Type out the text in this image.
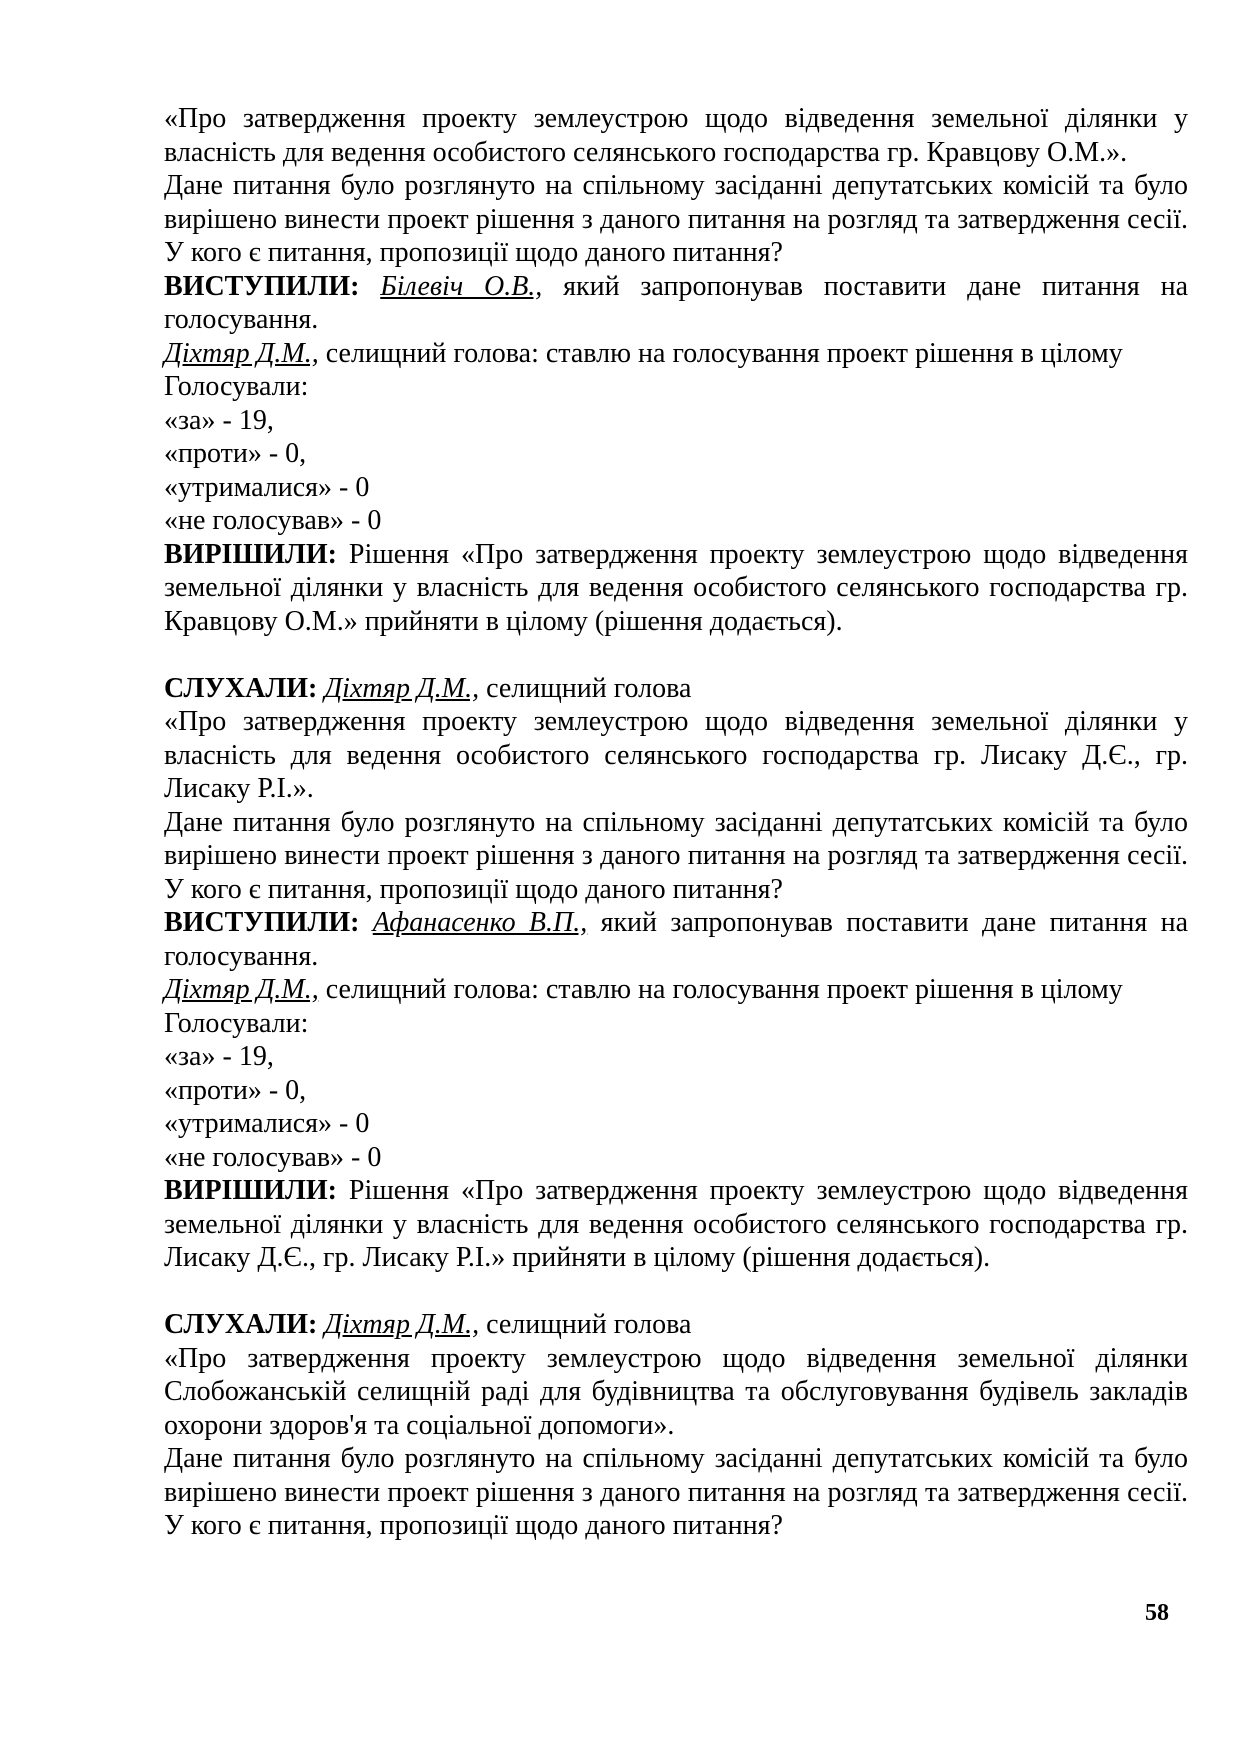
«Про затвердження проекту землеустрою щодо відведення земельної ділянки у власність для ведення особистого селянського господарства гр. Кравцову О.М.».

Дане питання було розглянуто на спільному засіданні депутатських комісій та було вирішено винести проект рішення з даного питання на розгляд та затвердження сесії. У кого є питання, пропозиції щодо даного питання?

ВИСТУПИЛИ: Білевіч О.В., який запропонував поставити дане питання на голосування.

Діхтяр Д.М., селищний голова: ставлю на голосування проект рішення в цілому

Голосували:

«за» - 19,

«проти» - 0,

«утрималися» - 0

«не голосував» - 0

ВИРІШИЛИ: Рішення «Про затвердження проекту землеустрою щодо відведення земельної ділянки у власність для ведення особистого селянського господарства гр. Кравцову О.М.» прийняти в цілому (рішення додається).

СЛУХАЛИ: Діхтяр Д.М., селищний голова

«Про затвердження проекту землеустрою щодо відведення земельної ділянки у власність для ведення особистого селянського господарства гр. Лисаку Д.Є., гр. Лисаку Р.І.».

Дане питання було розглянуто на спільному засіданні депутатських комісій та було вирішено винести проект рішення з даного питання на розгляд та затвердження сесії. У кого є питання, пропозиції щодо даного питання?

ВИСТУПИЛИ: Афанасенко В.П., який запропонував поставити дане питання на голосування.

Діхтяр Д.М., селищний голова: ставлю на голосування проект рішення в цілому

Голосували:

«за» - 19,

«проти» - 0,

«утрималися» - 0

«не голосував» - 0

ВИРІШИЛИ: Рішення «Про затвердження проекту землеустрою щодо відведення земельної ділянки у власність для ведення особистого селянського господарства гр. Лисаку Д.Є., гр. Лисаку Р.І.» прийняти в цілому (рішення додається).

СЛУХАЛИ: Діхтяр Д.М., селищний голова

«Про затвердження проекту землеустрою щодо відведення земельної ділянки Слобожанській селищній раді для будівництва та обслуговування будівель закладів охорони здоров'я та соціальної допомоги».

Дане питання було розглянуто на спільному засіданні депутатських комісій та було вирішено винести проект рішення з даного питання на розгляд та затвердження сесії. У кого є питання, пропозиції щодо даного питання?

58
